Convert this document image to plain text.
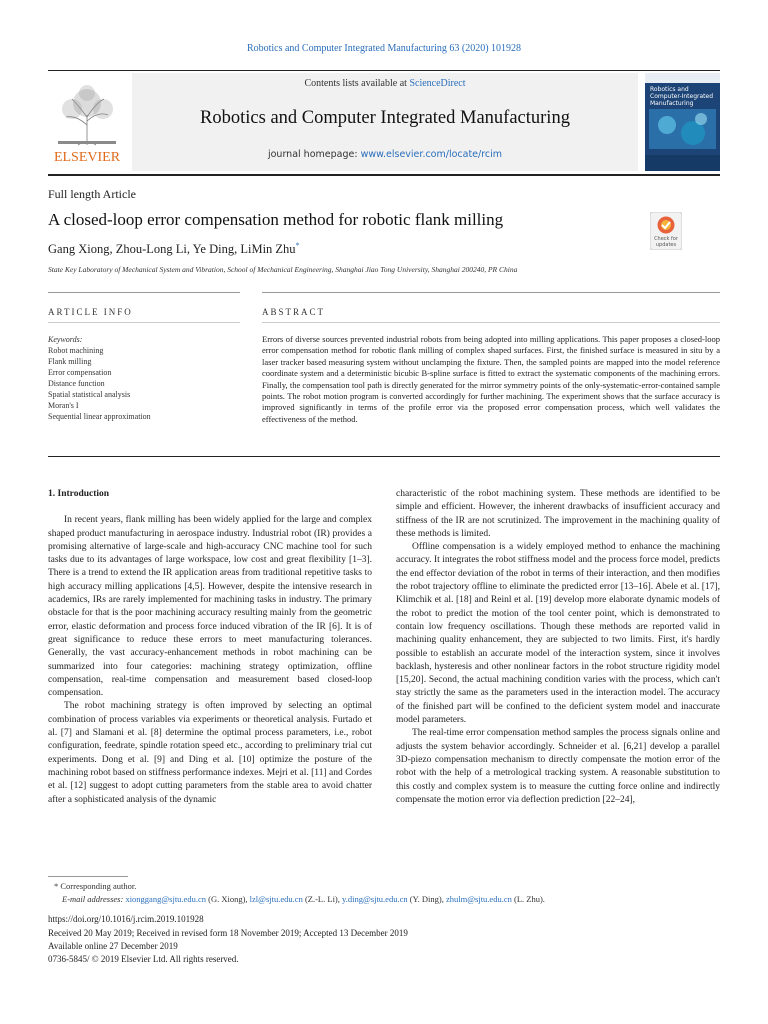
Robotics and Computer Integrated Manufacturing 63 (2020) 101928
ELSEVIER
Contents lists available at ScienceDirect
Robotics and Computer Integrated Manufacturing
journal homepage: www.elsevier.com/locate/rcim
Robotics and Computer-Integrated Manufacturing
Full length Article
A closed-loop error compensation method for robotic flank milling
Gang Xiong, Zhou-Long Li, Ye Ding, LiMin Zhu*
State Key Laboratory of Mechanical System and Vibration, School of Mechanical Engineering, Shanghai Jiao Tong University, Shanghai 200240, PR China
Check for updates
ARTICLE INFO	ABSTRACT
Keywords:
Robot machining
Flank milling
Error compensation
Distance function
Spatial statistical analysis
Moran's I
Sequential linear approximation
Errors of diverse sources prevented industrial robots from being adopted into milling applications. This paper proposes a closed-loop error compensation method for robotic flank milling of complex shaped surfaces. First, the finished surface is measured in situ by a laser tracker based measuring system without unclamping the fixture. Then, the sampled points are mapped into the model reference coordinate system and a deterministic bicubic B-spline surface is fitted to extract the systematic components of the machining errors. Finally, the compensation tool path is directly generated for the mirror symmetry points of the only-systematic-error-contained sample points. The robot motion program is converted accordingly for further machining. The experiment shows that the surface accuracy is improved significantly in terms of the profile error via the proposed error compensation process, which well validates the effectiveness of the method.
1. Introduction

In recent years, flank milling has been widely applied for the large and complex shaped product manufacturing in aerospace industry. Industrial robot (IR) provides a promising alternative of large-scale and high-accuracy CNC machine tool for such tasks due to its advantages of large workspace, low cost and great flexibility [1–3]. There is a trend to extend the IR application areas from traditional repetitive tasks to high accuracy milling applications [4,5]. However, despite the intensive research in academics, IRs are rarely implemented for machining tasks in industry. The primary obstacle for that is the poor machining accuracy resulting mainly from the geometric error, elastic deformation and process force induced vibration of the IR [6]. It is of great significance to reduce these errors to meet manufacturing tolerances. Generally, the vast accuracy-enhancement methods in robot machining can be summarized into four categories: machining strategy optimization, offline compensation, real-time compensation and measurement based closed-loop compensation.

The robot machining strategy is often improved by selecting an optimal combination of process variables via experiments or theoretical analysis. Furtado et al. [7] and Slamani et al. [8] determine the optimal process parameters, i.e., robot configuration, feedrate, spindle rotation speed etc., according to preliminary trial cut experiments. Dong et al. [9] and Ding et al. [10] optimize the posture of the machining robot based on stiffness performance indexes. Mejri et al. [11] and Cordes et al. [12] suggest to adopt cutting parameters from the stable area to avoid chatter after a sophisticated analysis of the dynamic

characteristic of the robot machining system. These methods are identified to be simple and efficient. However, the inherent drawbacks of insufficient accuracy and stiffness of the IR are not scrutinized. The improvement in the machining quality of these methods is limited.

Offline compensation is a widely employed method to enhance the machining accuracy. It integrates the robot stiffness model and the process force model, predicts the end effector deviation of the robot in terms of their interaction, and then modifies the robot trajectory offline to eliminate the predicted error [13–16]. Abele et al. [17], Klimchik et al. [18] and Reinl et al. [19] develop more elaborate dynamic models of the robot to predict the motion of the tool center point, which is demonstrated to contain low frequency oscillations. Though these methods are reported valid in machining quality enhancement, they are subjected to two limits. First, it's hardly possible to establish an accurate model of the interaction system, since it involves backlash, hysteresis and other nonlinear factors in the robot structure rigidity model [15,20]. Second, the actual machining condition varies with the process, which can't stay strictly the same as the parameters used in the interaction model. The accuracy of the finished part will be confined to the deficient system model and inaccurate model parameters.

The real-time error compensation method samples the process signals online and adjusts the system behavior accordingly. Schneider et al. [6,21] develop a parallel 3D-piezo compensation mechanism to directly compensate the motion error of the robot with the help of a metrological tracking system. A reasonable substitution to this costly and complex system is to measure the cutting force online and indirectly compensate the motion error via deflection prediction [22–24],

* Corresponding author.
E-mail addresses: xionggang@sjtu.edu.cn (G. Xiong), lzl@sjtu.edu.cn (Z.-L. Li), y.ding@sjtu.edu.cn (Y. Ding), zhulm@sjtu.edu.cn (L. Zhu).
https://doi.org/10.1016/j.rcim.2019.101928
Received 20 May 2019; Received in revised form 18 November 2019; Accepted 13 December 2019
Available online 27 December 2019
0736-5845/ © 2019 Elsevier Ltd. All rights reserved.
